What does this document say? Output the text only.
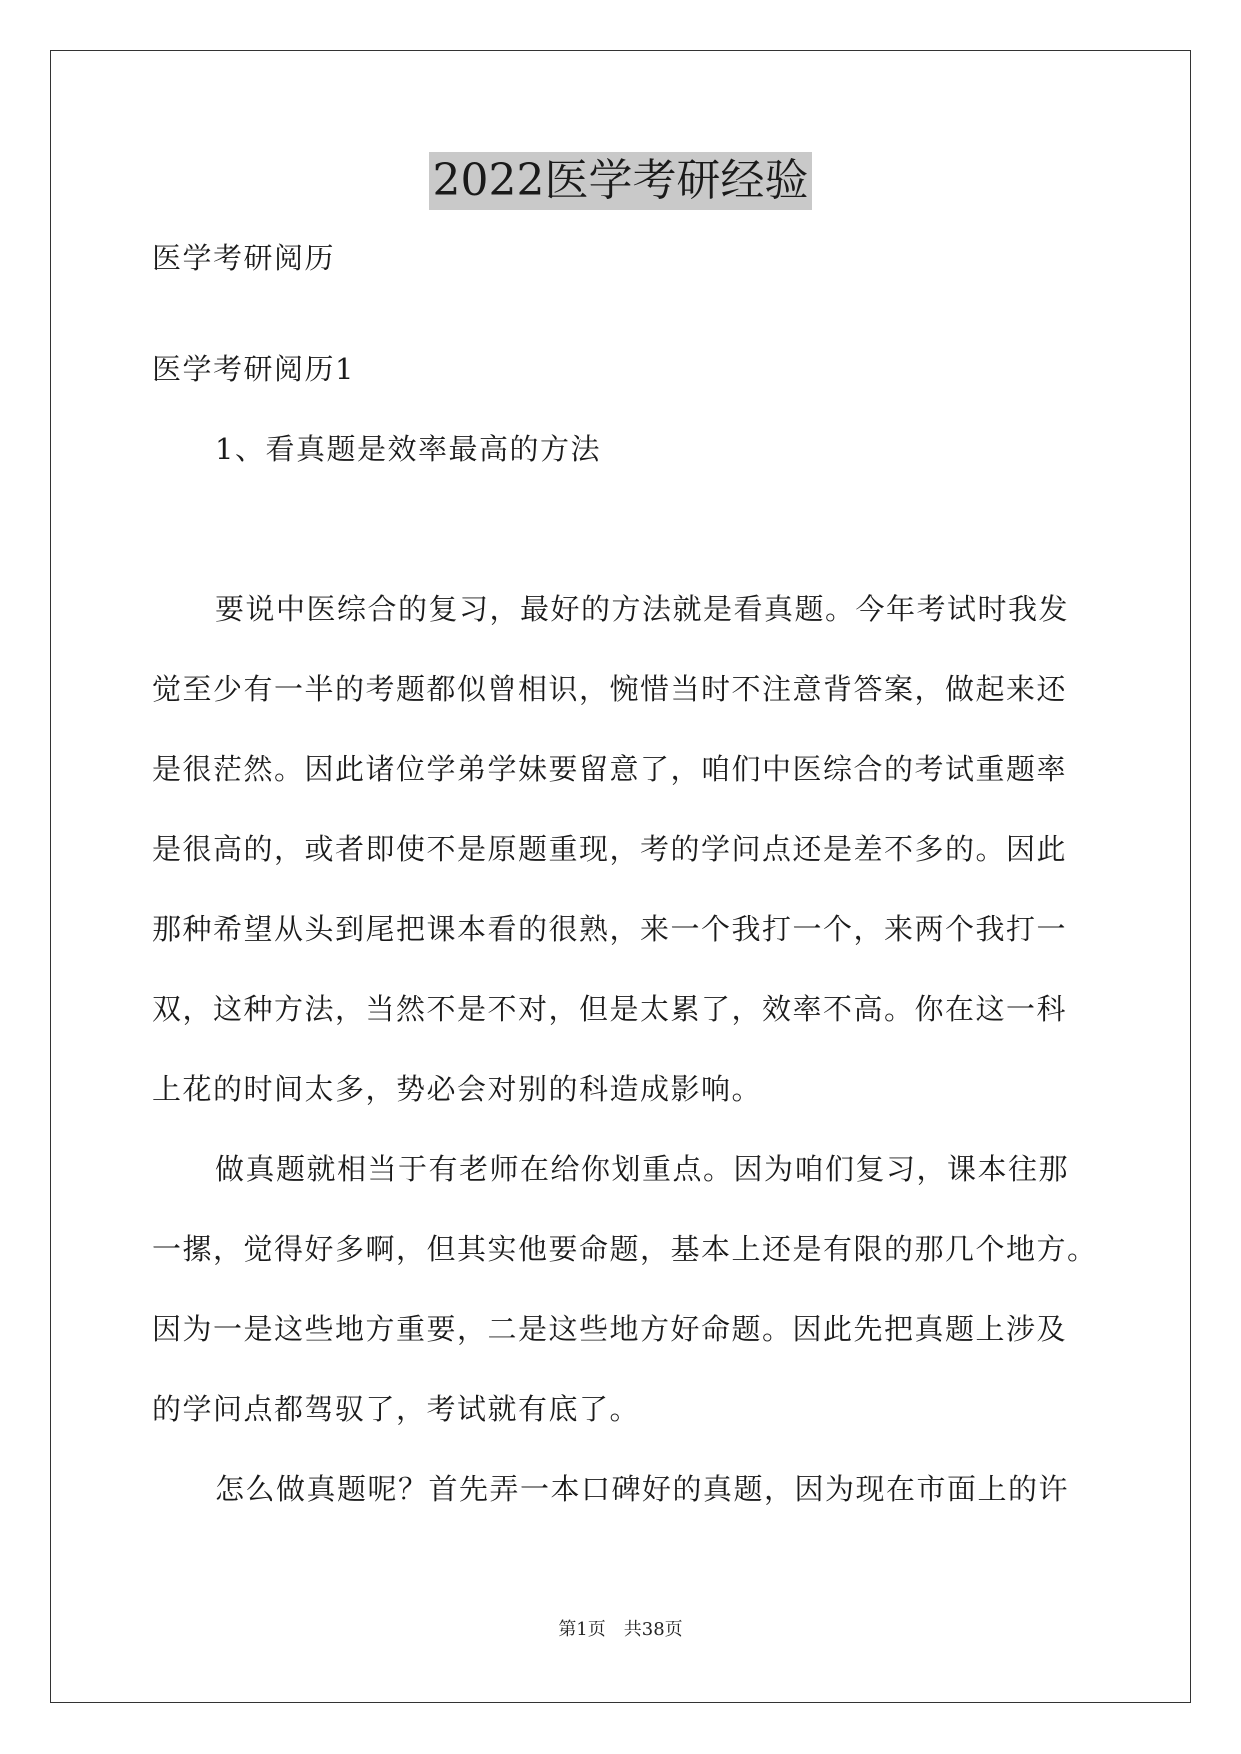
2022医学考研经验
医学考研阅历
医学考研阅历1
1、看真题是效率最高的方法
要说中医综合的复习，最好的方法就是看真题。今年考试时我发
觉至少有一半的考题都似曾相识，惋惜当时不注意背答案，做起来还
是很茫然。因此诸位学弟学妹要留意了，咱们中医综合的考试重题率
是很高的，或者即使不是原题重现，考的学问点还是差不多的。因此
那种希望从头到尾把课本看的很熟，来一个我打一个，来两个我打一
双，这种方法，当然不是不对，但是太累了，效率不高。你在这一科
上花的时间太多，势必会对别的科造成影响。
做真题就相当于有老师在给你划重点。因为咱们复习，课本往那
一摞，觉得好多啊，但其实他要命题，基本上还是有限的那几个地方。
因为一是这些地方重要，二是这些地方好命题。因此先把真题上涉及
的学问点都驾驭了，考试就有底了。
怎么做真题呢？首先弄一本口碑好的真题，因为现在市面上的许
第1页　共38页
